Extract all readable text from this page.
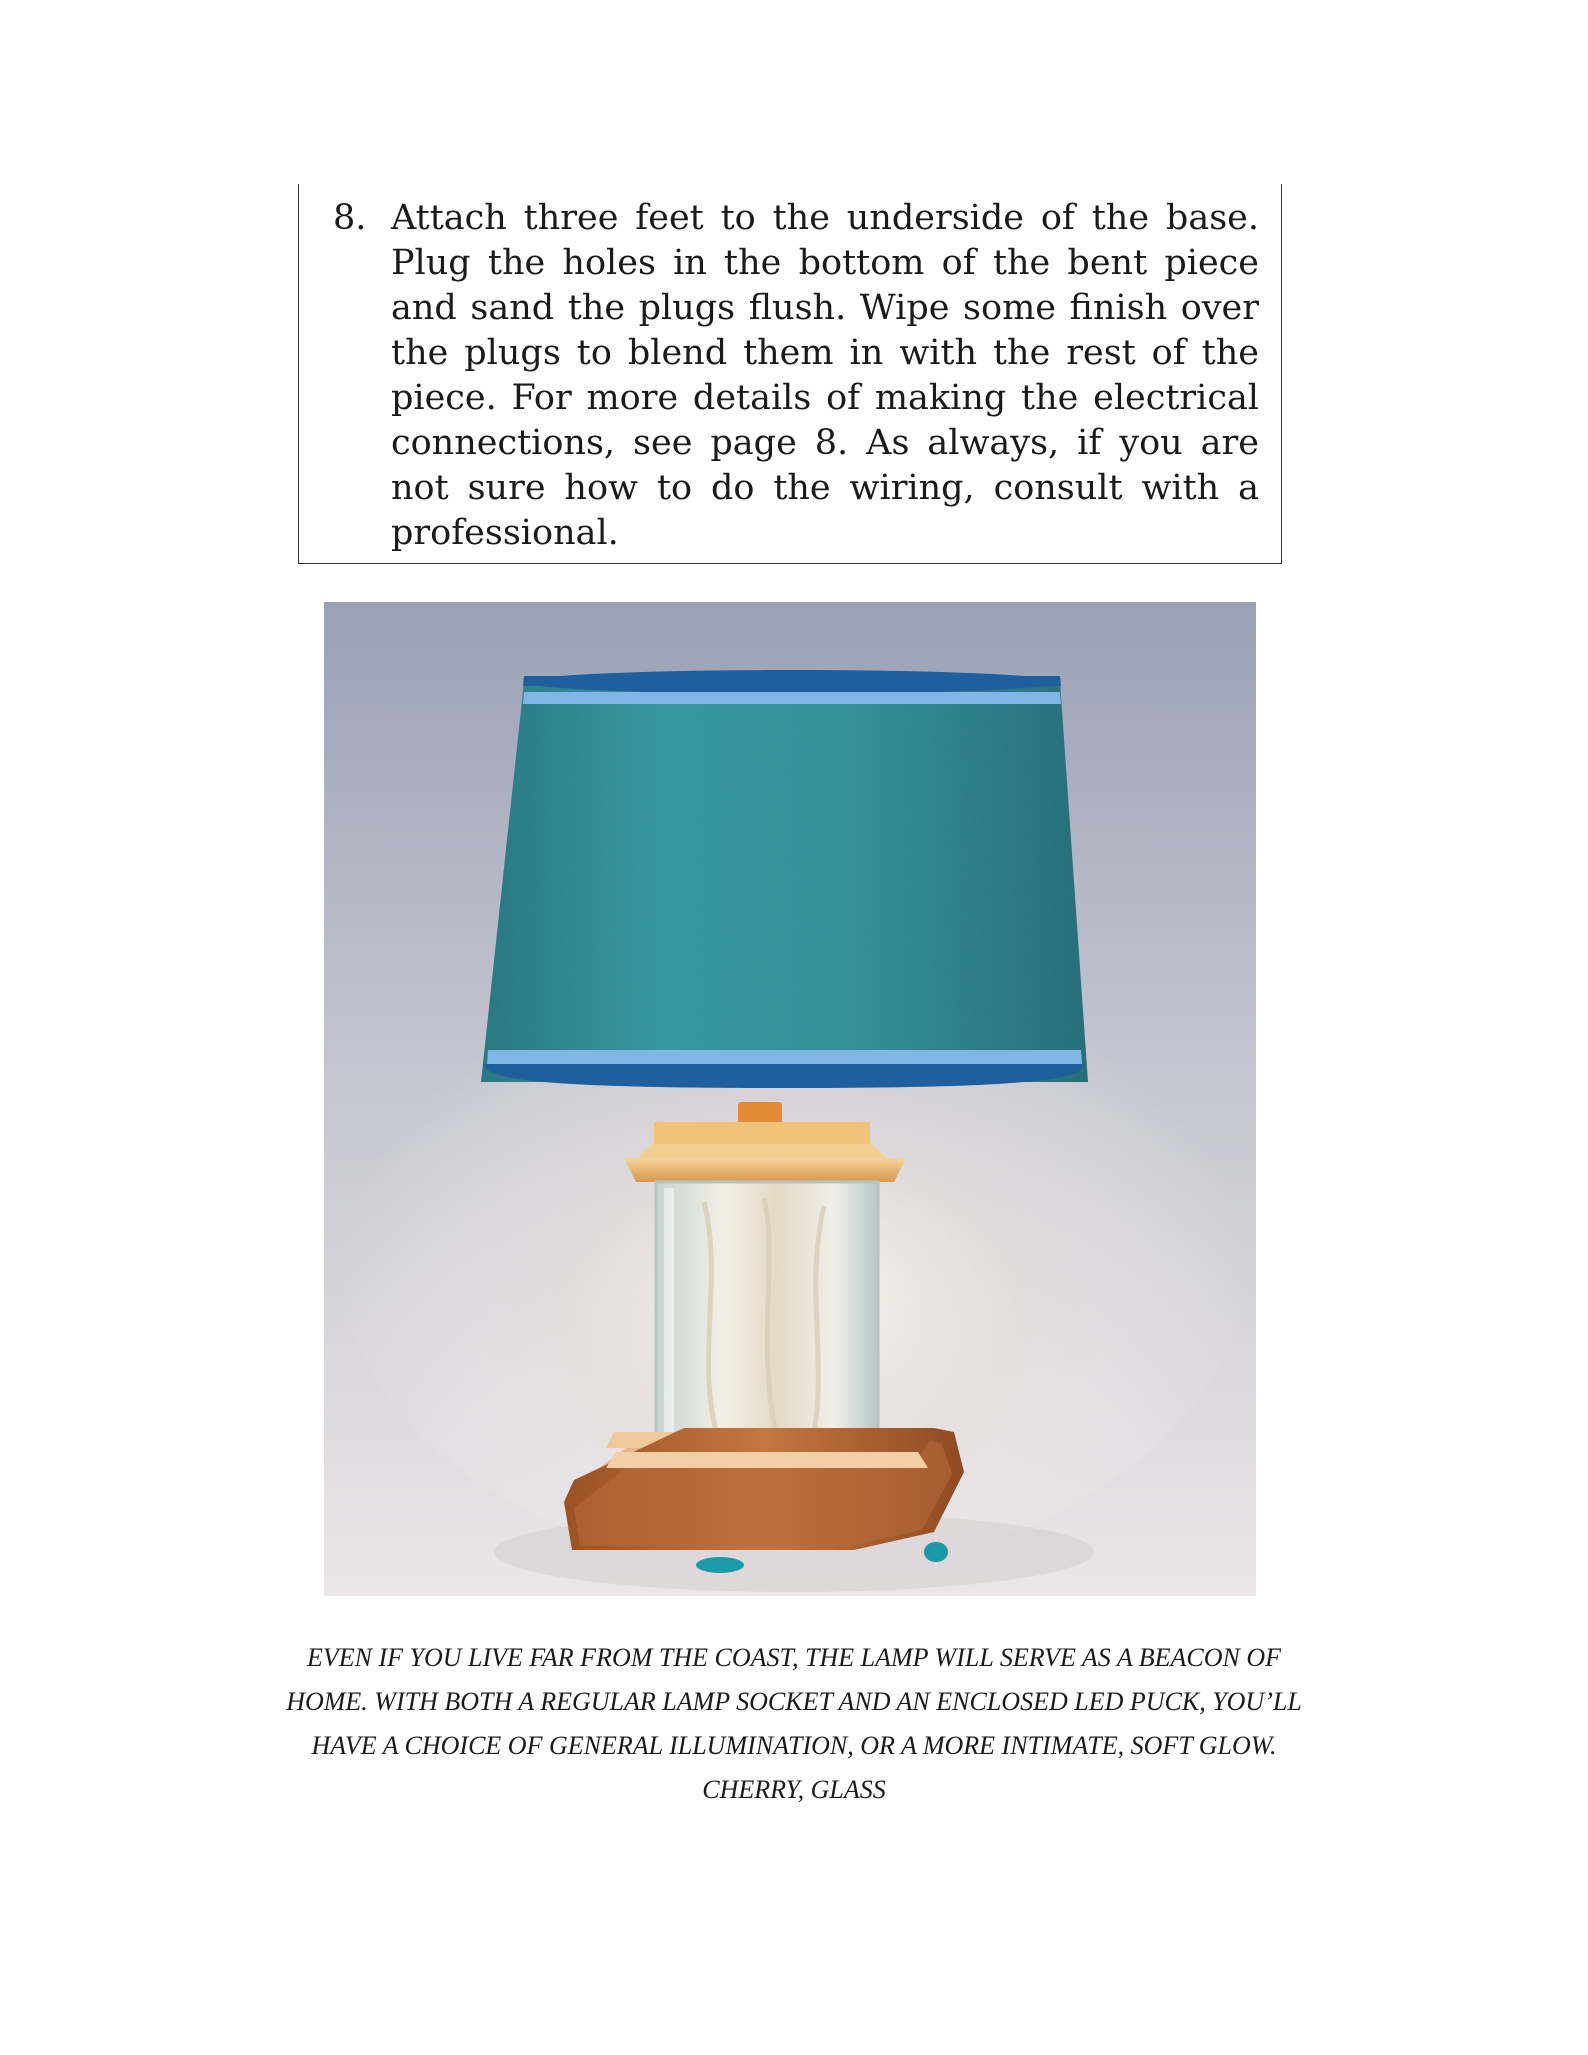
8. Attach three feet to the underside of the base. Plug the holes in the bottom of the bent piece and sand the plugs flush. Wipe some finish over the plugs to blend them in with the rest of the piece. For more details of making the electrical connections, see page 8. As always, if you are not sure how to do the wiring, consult with a professional.
EVEN IF YOU LIVE FAR FROM THE COAST, THE LAMP WILL SERVE AS A BEACON OF
HOME. WITH BOTH A REGULAR LAMP SOCKET AND AN ENCLOSED LED PUCK, YOU’LL
HAVE A CHOICE OF GENERAL ILLUMINATION, OR A MORE INTIMATE, SOFT GLOW.
CHERRY, GLASS
